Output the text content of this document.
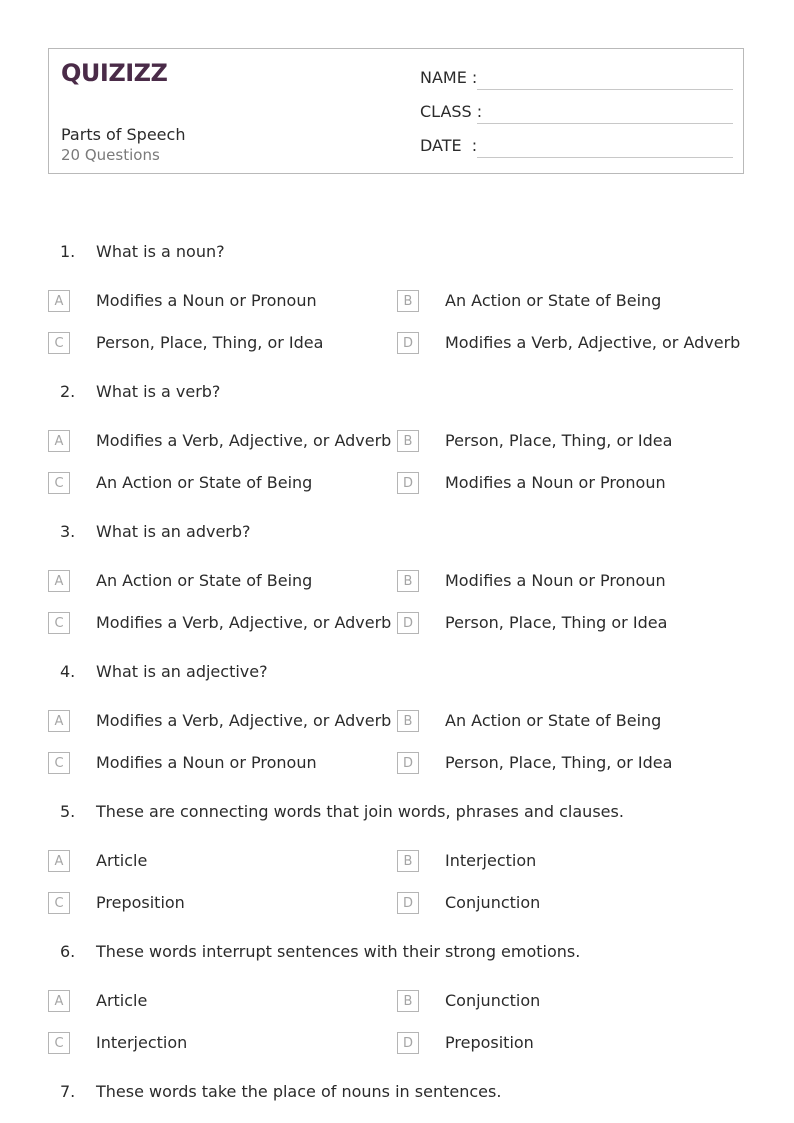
QUIZIZZ
Parts of Speech
20 Questions
NAME :
CLASS :
DATE  :
1. What is a noun?
A	Modifies a Noun or Pronoun	B	An Action or State of Being
C	Person, Place, Thing, or Idea	D	Modifies a Verb, Adjective, or Adverb
2. What is a verb?
A	Modifies a Verb, Adjective, or Adverb B	Person, Place, Thing, or Idea
C	An Action or State of Being	D	Modifies a Noun or Pronoun
3. What is an adverb?
A	An Action or State of Being	B	Modifies a Noun or Pronoun
C	Modifies a Verb, Adjective, or Adverb D	Person, Place, Thing or Idea
4. What is an adjective?
A	Modifies a Verb, Adjective, or Adverb B	An Action or State of Being
C	Modifies a Noun or Pronoun	D	Person, Place, Thing, or Idea
5. These are connecting words that join words, phrases and clauses.
A	Article	B	Interjection
C	Preposition	D	Conjunction
6. These words interrupt sentences with their strong emotions.
A	Article	B	Conjunction
C	Interjection	D	Preposition
7. These words take the place of nouns in sentences.
